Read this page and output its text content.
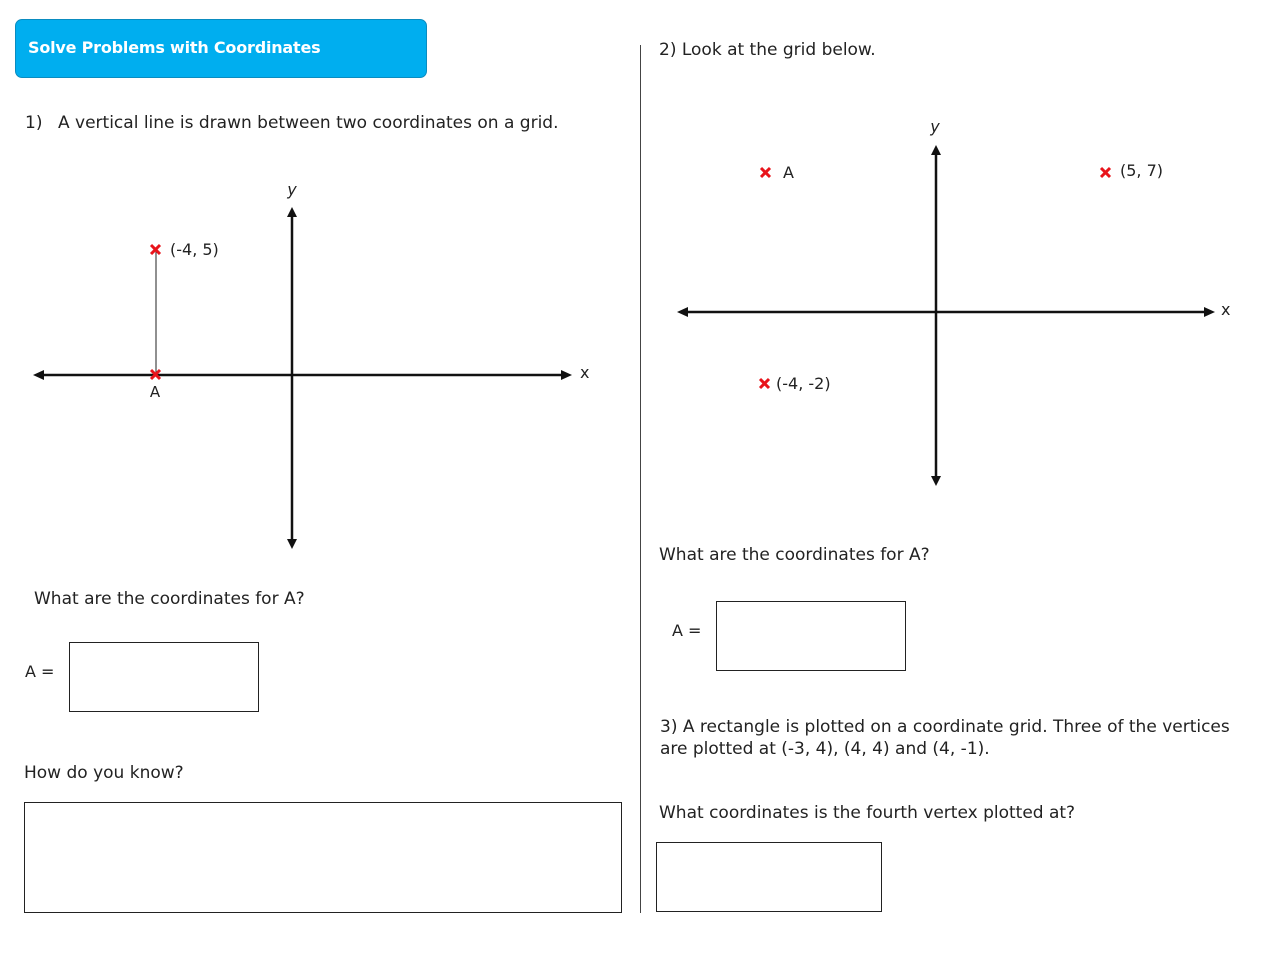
Solve Problems with Coordinates
1) A vertical line is drawn between two coordinates on a grid.
x
y
(-4, 5)
A
What are the coordinates for A?
A =
How do you know?
2) Look at the grid below.
x
y
A	(5, 7)
(-4, -2)
What are the coordinates for A?
A =
3) A rectangle is plotted on a coordinate grid. Three of the vertices are plotted at (-3, 4), (4, 4) and (4, -1).
What coordinates is the fourth vertex plotted at?
